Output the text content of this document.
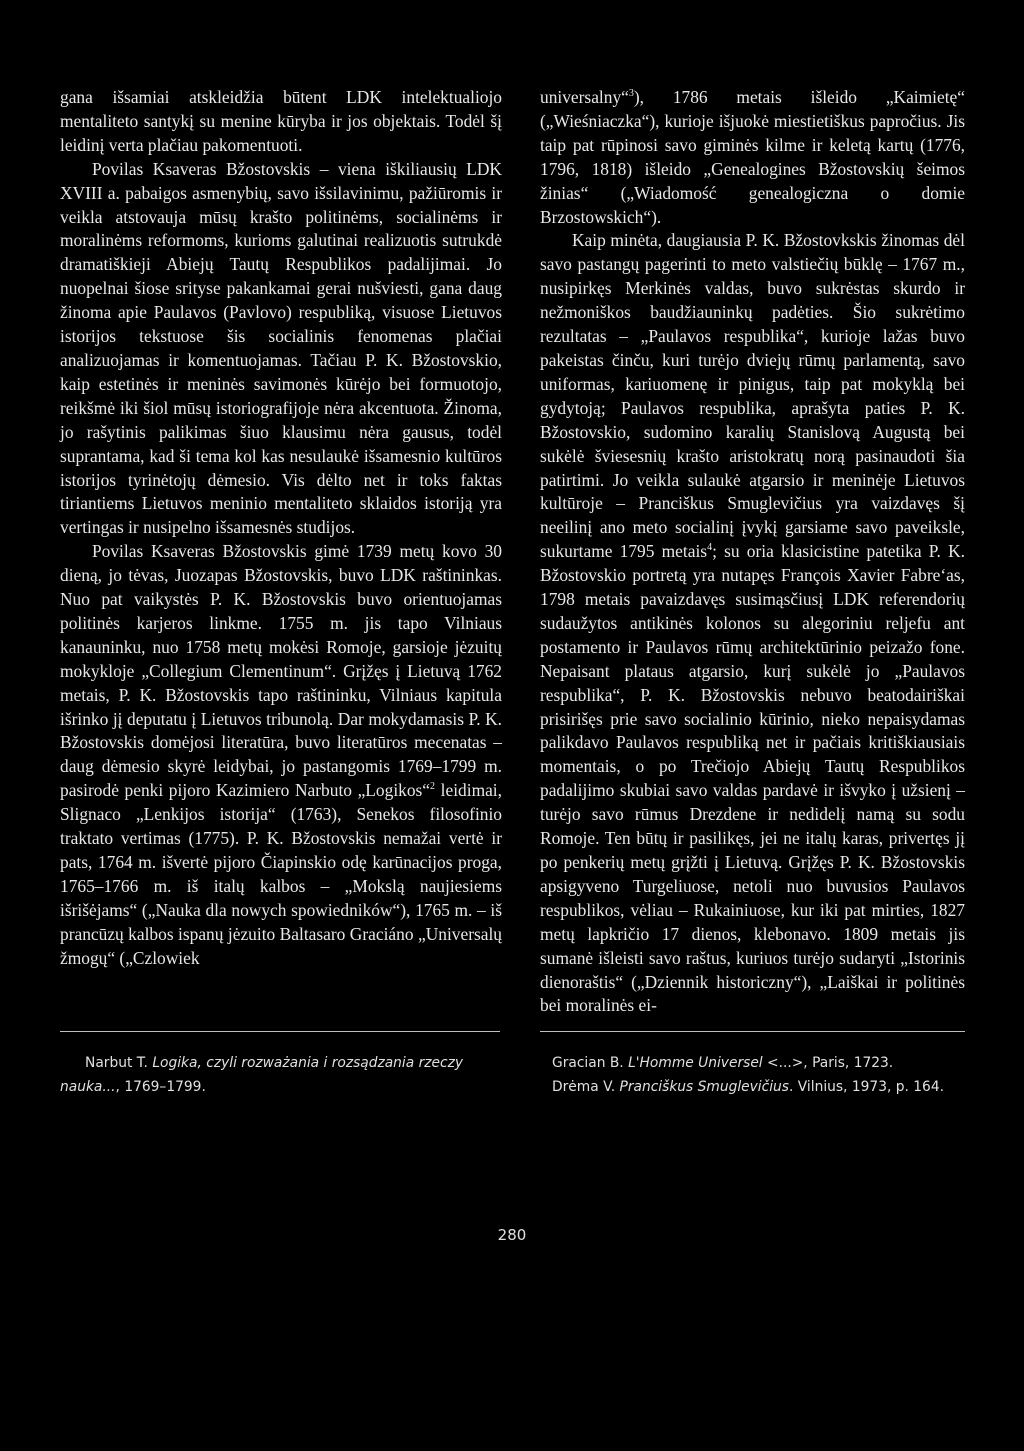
gana išsamiai atskleidžia būtent LDK intelektualiojo mentaliteto santykį su menine kūryba ir jos objektais. Todėl šį leidinį verta plačiau pakomentuoti.

Povilas Ksaveras Bžostovskis – viena iškiliausių LDK XVIII a. pabaigos asmenybių, savo išsilavinimu, pažiūromis ir veikla atstovauja mūsų krašto politinėms, socialinėms ir moralinėms reformoms, kurioms galutinai realizuotis sutrukdė dramatiškieji Abiejų Tautų Respublikos padalijimai. Jo nuopelnai šiose srityse pakankamai gerai nušviesti, gana daug žinoma apie Paulavos (Pavlovo) respubliką, visuose Lietuvos istorijos tekstuose šis socialinis fenomenas plačiai analizuojamas ir komentuojamas. Tačiau P. K. Bžostovskio, kaip estetinės ir meninės savimonės kūrėjo bei formuotojo, reikšmė iki šiol mūsų istoriografijoje nėra akcentuota. Žinoma, jo rašytinis palikimas šiuo klausimu nėra gausus, todėl suprantama, kad ši tema kol kas nesulaukė išsamesnio kultūros istorijos tyrinėtojų dėmesio. Vis dėlto net ir toks faktas tiriantiems Lietuvos meninio mentaliteto sklaidos istoriją yra vertingas ir nusipelno išsamesnės studijos.

Povilas Ksaveras Bžostovskis gimė 1739 metų kovo 30 dieną, jo tėvas, Juozapas Bžostovskis, buvo LDK raštininkas. Nuo pat vaikystės P. K. Bžostovskis buvo orientuojamas politinės karjeros linkme. 1755 m. jis tapo Vilniaus kanauninku, nuo 1758 metų mokėsi Romoje, garsioje jėzuitų mokykloje „Collegium Clementinum“. Grįžęs į Lietuvą 1762 metais, P. K. Bžostovskis tapo raštininku, Vilniaus kapitula išrinko jį deputatu į Lietuvos tribunolą. Dar mokydamasis P. K. Bžostovskis domėjosi literatūra, buvo literatūros mecenatas – daug dėmesio skyrė leidybai, jo pastangomis 1769–1799 m. pasirodė penki pijoro Kazimiero Narbuto „Logikos“$^2$ leidimai, Slignaco „Lenkijos istorija“ (1763), Senekos filosofinio traktato vertimas (1775). P. K. Bžostovskis nemažai vertė ir pats, 1764 m. išvertė pijoro Čiapinskio odę karūnacijos proga, 1765–1766 m. iš italų kalbos – „Mokslą naujiesiems išrišėjams“ („Nauka dla nowych spowiedników“), 1765 m. – iš prancūzų kalbos ispanų jėzuito Baltasaro Graciáno „Universalų žmogų“ („Czlowiek

universalny“$^3$), 1786 metais išleido „Kaimietę“ („Wieśniaczka“), kurioje išjuokė miestietiškus papročius. Jis taip pat rūpinosi savo giminės kilme ir keletą kartų (1776, 1796, 1818) išleido „Genealogines Bžostovskių šeimos žinias“ („Wiadomość genealogiczna o domie Brzostowskich“).

Kaip minėta, daugiausia P. K. Bžostovkskis žinomas dėl savo pastangų pagerinti to meto valstiečių būklę – 1767 m., nusipirkęs Merkinės valdas, buvo sukrėstas skurdo ir nežmoniškos baudžiauninkų padėties. Šio sukrėtimo rezultatas – „Paulavos respublika“, kurioje lažas buvo pakeistas činču, kuri turėjo dviejų rūmų parlamentą, savo uniformas, kariuomenę ir pinigus, taip pat mokyklą bei gydytoją; Paulavos respublika, aprašyta paties P. K. Bžostovskio, sudomino karalių Stanislovą Augustą bei sukėlė šviesesnių krašto aristokratų norą pasinaudoti šia patirtimi. Jo veikla sulaukė atgarsio ir meninėje Lietuvos kultūroje – Pranciškus Smuglevičius yra vaizdavęs šį neeilinį ano meto socialinį įvykį garsiame savo paveiksle, sukurtame 1795 metais$^4$; su oria klasicistine patetika P. K. Bžostovskio portretą yra nutapęs François Xavier Fabre‘as, 1798 metais pavaizdavęs susimąsčiusį LDK referendorių sudaužytos antikinės kolonos su alegoriniu reljefu ant postamento ir Paulavos rūmų architektūrinio peizažo fone. Nepaisant plataus atgarsio, kurį sukėlė jo „Paulavos respublika“, P. K. Bžostovskis nebuvo beatodairiškai prisirišęs prie savo socialinio kūrinio, nieko nepaisydamas palikdavo Paulavos respubliką net ir pačiais kritiškiausiais momentais, o po Trečiojo Abiejų Tautų Respublikos padalijimo skubiai savo valdas pardavė ir išvyko į užsienį – turėjo savo rūmus Drezdene ir nedidelį namą su sodu Romoje. Ten būtų ir pasilikęs, jei ne italų karas, privertęs jį po penkerių metų grįžti į Lietuvą. Grįžęs P. K. Bžostovskis apsigyveno Turgeliuose, netoli nuo buvusios Paulavos respublikos, vėliau – Rukainiuose, kur iki pat mirties, 1827 metų lapkričio 17 dienos, klebonavo. 1809 metais jis sumanė išleisti savo raštus, kuriuos turėjo sudaryti „Istorinis dienoraštis“ („Dziennik historiczny“), „Laiškai ir politinės bei moralinės ei-

Narbut T. Logika, czyli rozważania i rozsądzania rzeczy nauka..., 1769–1799.

Gracian B. L'Homme Universel <...>, Paris, 1723.

Drėma V. Pranciškus Smuglevičius. Vilnius, 1973, p. 164.

280
